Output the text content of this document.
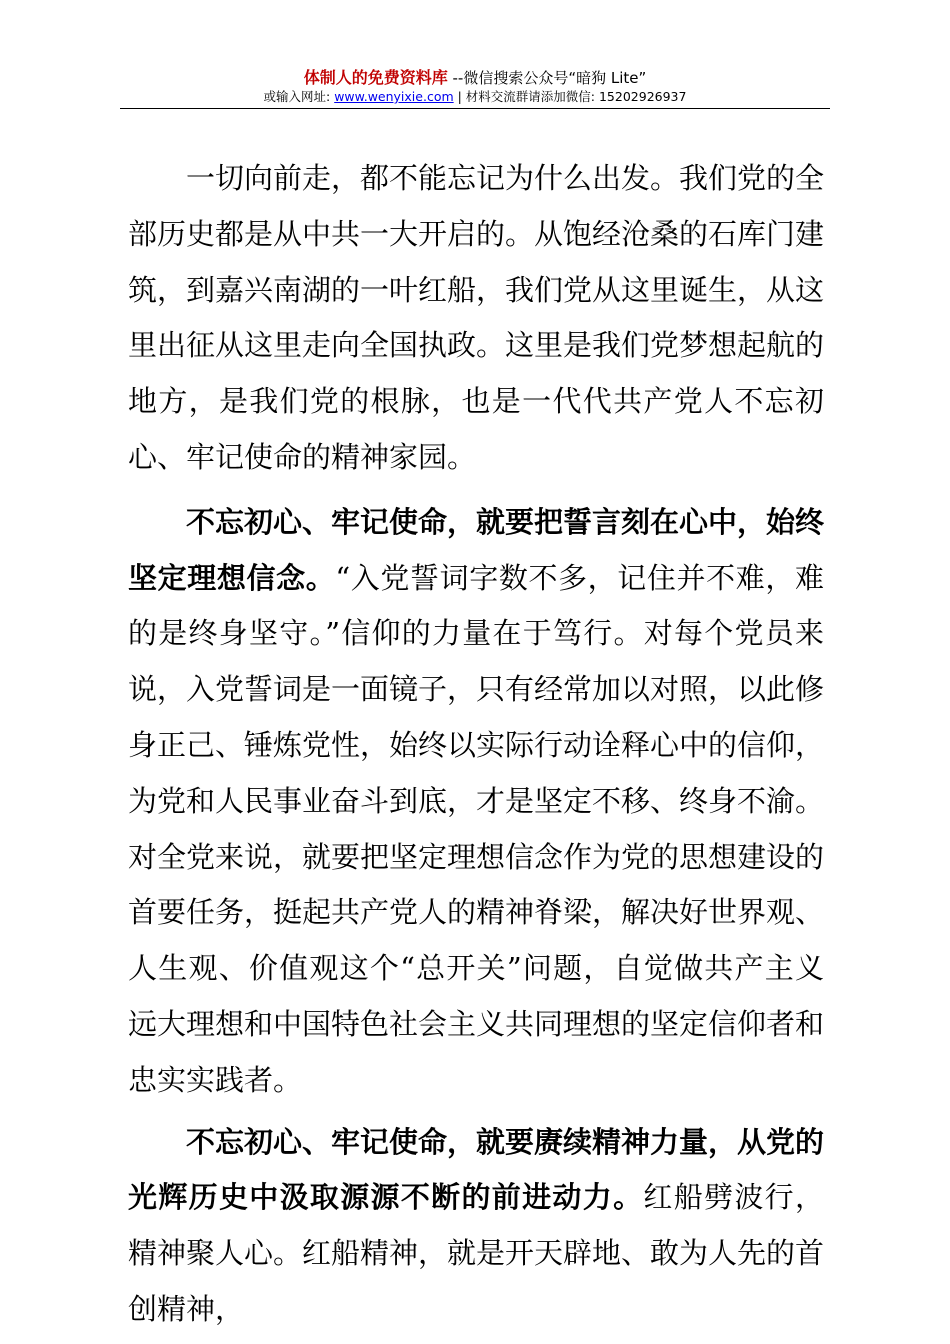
体制人的免费资料库 --微信搜索公众号“暗狗 Lite”
或输入网址: www.wenyixie.com | 材料交流群请添加微信: 15202926937

一切向前走，都不能忘记为什么出发。我们党的全部历史都是从中共一大开启的。从饱经沧桑的石库门建筑，到嘉兴南湖的一叶红船，我们党从这里诞生，从这里出征从这里走向全国执政。这里是我们党梦想起航的地方，是我们党的根脉，也是一代代共产党人不忘初心、牢记使命的精神家园。

不忘初心、牢记使命，就要把誓言刻在心中，始终坚定理想信念。“入党誓词字数不多，记住并不难，难的是终身坚守。”信仰的力量在于笃行。对每个党员来说，入党誓词是一面镜子，只有经常加以对照，以此修身正己、锤炼党性，始终以实际行动诠释心中的信仰，为党和人民事业奋斗到底，才是坚定不移、终身不渝。对全党来说，就要把坚定理想信念作为党的思想建设的首要任务，挺起共产党人的精神脊梁，解决好世界观、人生观、价值观这个“总开关”问题，自觉做共产主义远大理想和中国特色社会主义共同理想的坚定信仰者和忠实实践者。

不忘初心、牢记使命，就要赓续精神力量，从党的光辉历史中汲取源源不断的前进动力。红船劈波行，精神聚人心。红船精神，就是开天辟地、敢为人先的首创精神，
